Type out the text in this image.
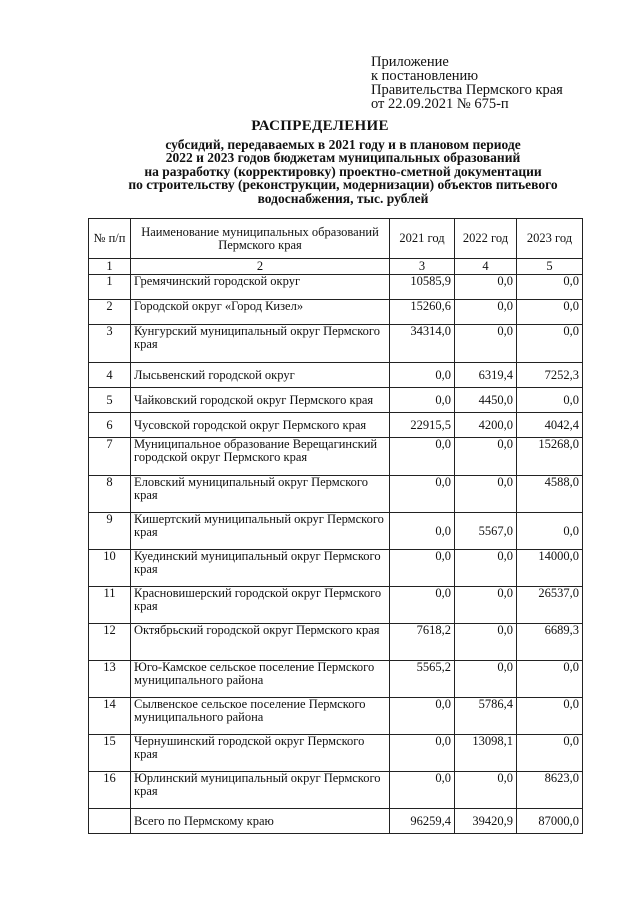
Приложение
к постановлению
Правительства Пермского края
от 22.09.2021 № 675-п
РАСПРЕДЕЛЕНИЕ
субсидий, передаваемых в 2021 году и в плановом периоде
2022 и 2023 годов бюджетам муниципальных образований
на разработку (корректировку) проектно-сметной документации
по строительству (реконструкции, модернизации) объектов питьевого
водоснабжения, тыс. рублей
№ п/п	Наименование муниципальных образований Пермского края	2021 год	2022 год	2023 год
1	2	3	4	5
1	Гремячинский городской округ	10585,9	0,0	0,0
2	Городской округ «Город Кизел»	15260,6	0,0	0,0
3	Кунгурский муниципальный округ Пермского края	34314,0	0,0	0,0
4	Лысьвенский городской округ	0,0	6319,4	7252,3
5	Чайковский городской округ Пермского края	0,0	4450,0	0,0
6	Чусовской городской округ Пермского края	22915,5	4200,0	4042,4
7	Муниципальное образование Верещагинский городской округ Пермского края	0,0	0,0	15268,0
8	Еловский муниципальный округ Пермского края	0,0	0,0	4588,0
9	Кишертский муниципальный округ Пермского края	0,0	5567,0	0,0
10	Куединский муниципальный округ Пермского края	0,0	0,0	14000,0
11	Красновишерский городской округ Пермского края	0,0	0,0	26537,0
12	Октябрьский городской округ Пермского края	7618,2	0,0	6689,3
13	Юго-Камское сельское поселение Пермского муниципального района	5565,2	0,0	0,0
14	Сылвенское сельское поселение Пермского муниципального района	0,0	5786,4	0,0
15	Чернушинский городской округ Пермского края	0,0	13098,1	0,0
16	Юрлинский муниципальный округ Пермского края	0,0	0,0	8623,0
	Всего по Пермскому краю	96259,4	39420,9	87000,0
